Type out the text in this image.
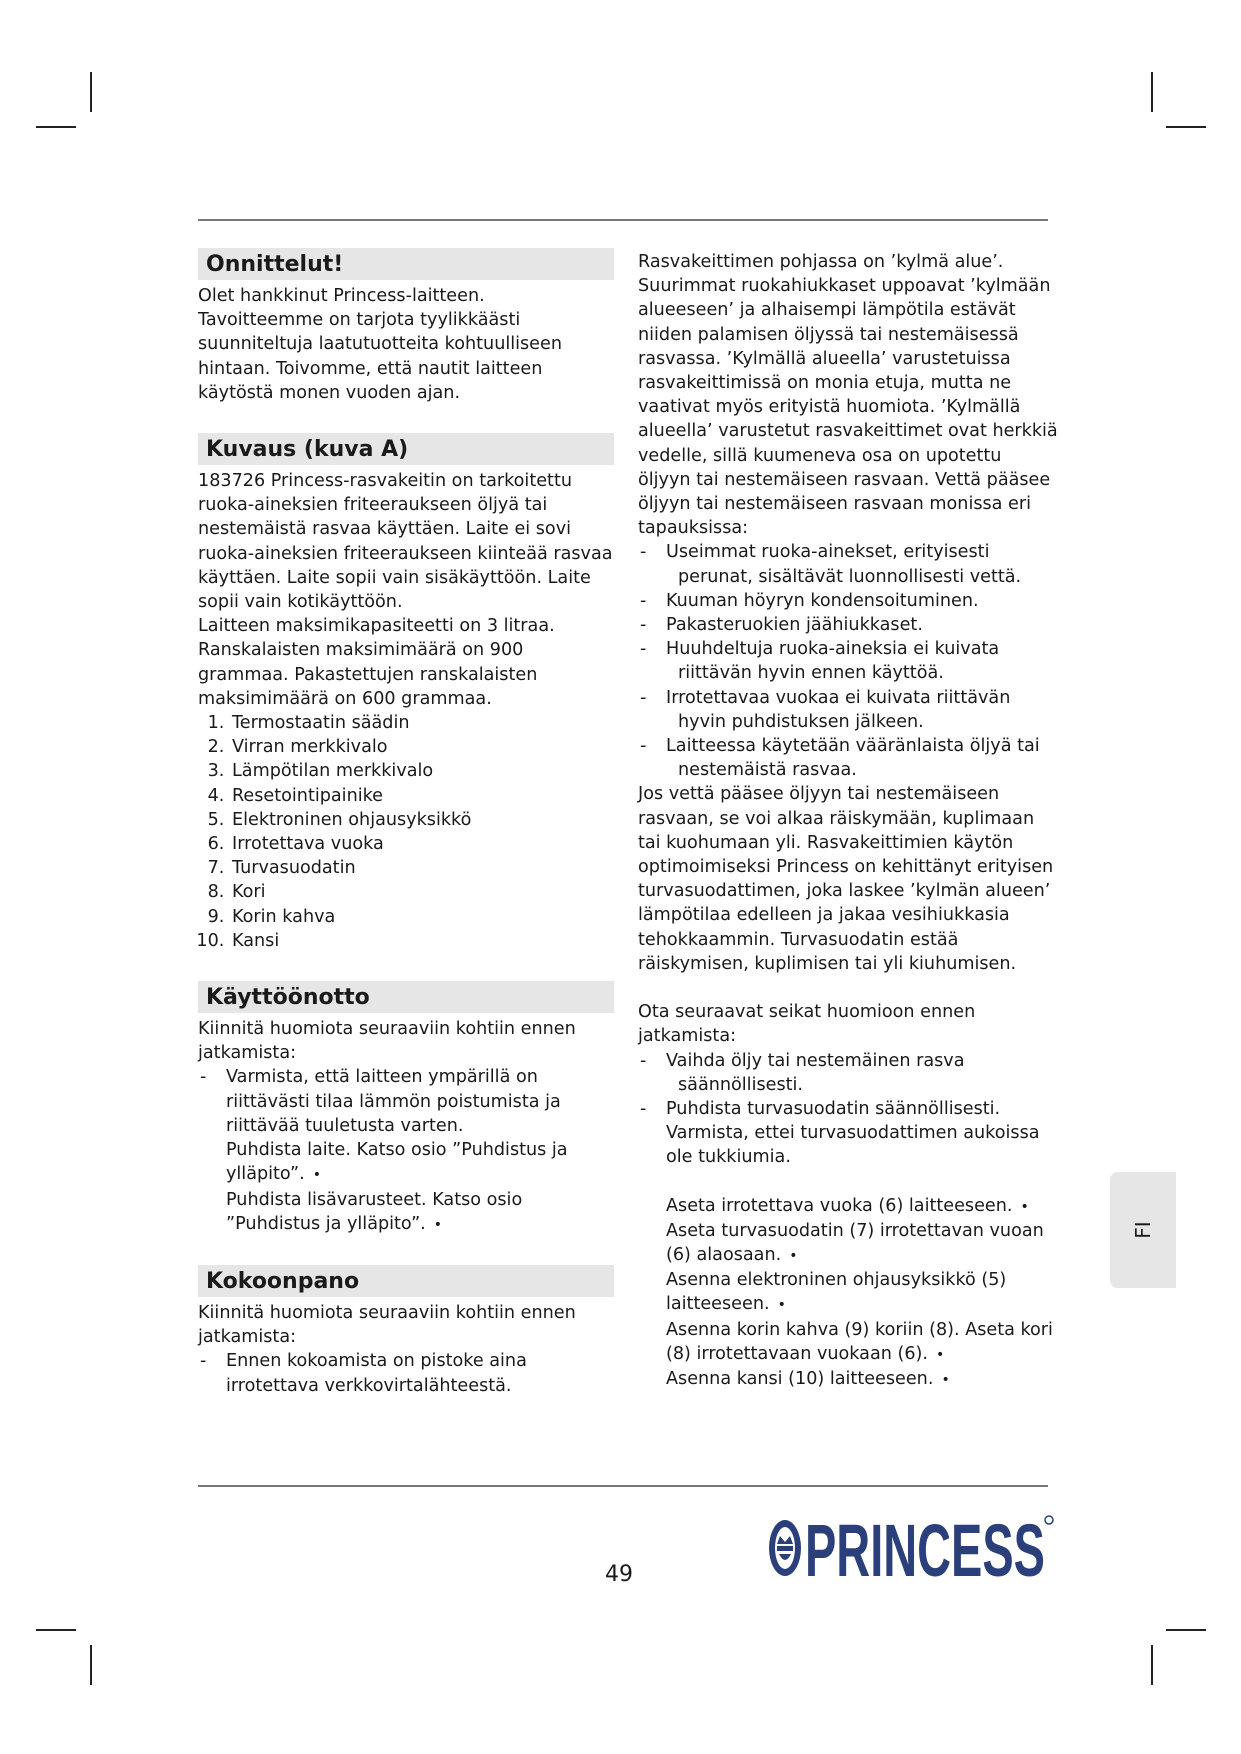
Onnittelut!

Olet hankkinut Princess-laitteen. Tavoitteemme on tarjota tyylikkäästi suunniteltuja laatutuotteita kohtuulliseen hintaan. Toivomme, että nautit laitteen käytöstä monen vuoden ajan.

Kuvaus (kuva A)

183726 Princess-rasvakeitin on tarkoitettu ruoka-aineksien friteeraukseen öljyä tai nestemäistä rasvaa käyttäen. Laite ei sovi ruoka-aineksien friteeraukseen kiinteää rasvaa käyttäen. Laite sopii vain sisäkäyttöön. Laite sopii vain kotikäyttöön.

Laitteen maksimikapasiteetti on 3 litraa. Ranskalaisten maksimimäärä on 900 grammaa. Pakastettujen ranskalaisten maksimimäärä on 600 grammaa.

1. Termostaatin säädin
2. Virran merkkivalo
3. Lämpötilan merkkivalo
4. Resetointipainike
5. Elektroninen ohjausyksikkö
6. Irrotettava vuoka
7. Turvasuodatin
8. Kori
9. Korin kahva
10. Kansi
Käyttöönotto

Kiinnitä huomiota seuraaviin kohtiin ennen jatkamista:

- Varmista, että laitteen ympärillä on riittävästi tilaa lämmön poistumista ja riittävää tuuletusta varten.
Puhdista laite. Katso osio ”Puhdistus ja ylläpito”. •
Puhdista lisävarusteet. Katso osio ”Puhdistus ja ylläpito”. •
Kokoonpano

Kiinnitä huomiota seuraaviin kohtiin ennen jatkamista:

- Ennen kokoamista on pistoke aina irrotettava verkkovirtalähteestä.

Rasvakeittimen pohjassa on ’kylmä alue’. Suurimmat ruokahiukkaset uppoavat ’kylmään alueeseen’ ja alhaisempi lämpötila estävät niiden palamisen öljyssä tai nestemäisessä rasvassa. ’Kylmällä alueella’ varustetuissa rasvakeittimissä on monia etuja, mutta ne vaativat myös erityistä huomiota. ’Kylmällä alueella’ varustetut rasvakeittimet ovat herkkiä vedelle, sillä kuumeneva osa on upotettu öljyyn tai nestemäiseen rasvaan. Vettä pääsee öljyyn tai nestemäiseen rasvaan monissa eri tapauksissa:

- Useimmat ruoka-ainekset, erityisesti
perunat, sisältävät luonnollisesti vettä.
- Kuuman höyryn kondensoituminen.
- Pakasteruokien jäähiukkaset.
- Huuhdeltuja ruoka-aineksia ei kuivata
riittävän hyvin ennen käyttöä.
- Irrotettavaa vuokaa ei kuivata riittävän
hyvin puhdistuksen jälkeen.
- Laitteessa käytetään vääränlaista öljyä tai
nestemäistä rasvaa.

Jos vettä pääsee öljyyn tai nestemäiseen rasvaan, se voi alkaa räiskymään, kuplimaan tai kuohumaan yli. Rasvakeittimien käytön optimoimiseksi Princess on kehittänyt erityisen turvasuodattimen, joka laskee ’kylmän alueen’ lämpötilaa edelleen ja jakaa vesihiukkasia tehokkaammin. Turvasuodatin estää räiskymisen, kuplimisen tai yli kiuhumisen.

Ota seuraavat seikat huomioon ennen jatkamista:

- Vaihda öljy tai nestemäinen rasva
säännöllisesti.
- Puhdista turvasuodatin säännöllisesti.
Varmista, ettei turvasuodattimen aukoissa ole tukkiumia.
Aseta irrotettava vuoka (6) laitteeseen. •
Aseta turvasuodatin (7) irrotettavan vuoan (6) alaosaan. •
Asenna elektroninen ohjausyksikkö (5) laitteeseen. •
Asenna korin kahva (9) koriin (8). Aseta kori (8) irrotettavaan vuokaan (6). •
Asenna kansi (10) laitteeseen. •
FI
49 PRINCESS
